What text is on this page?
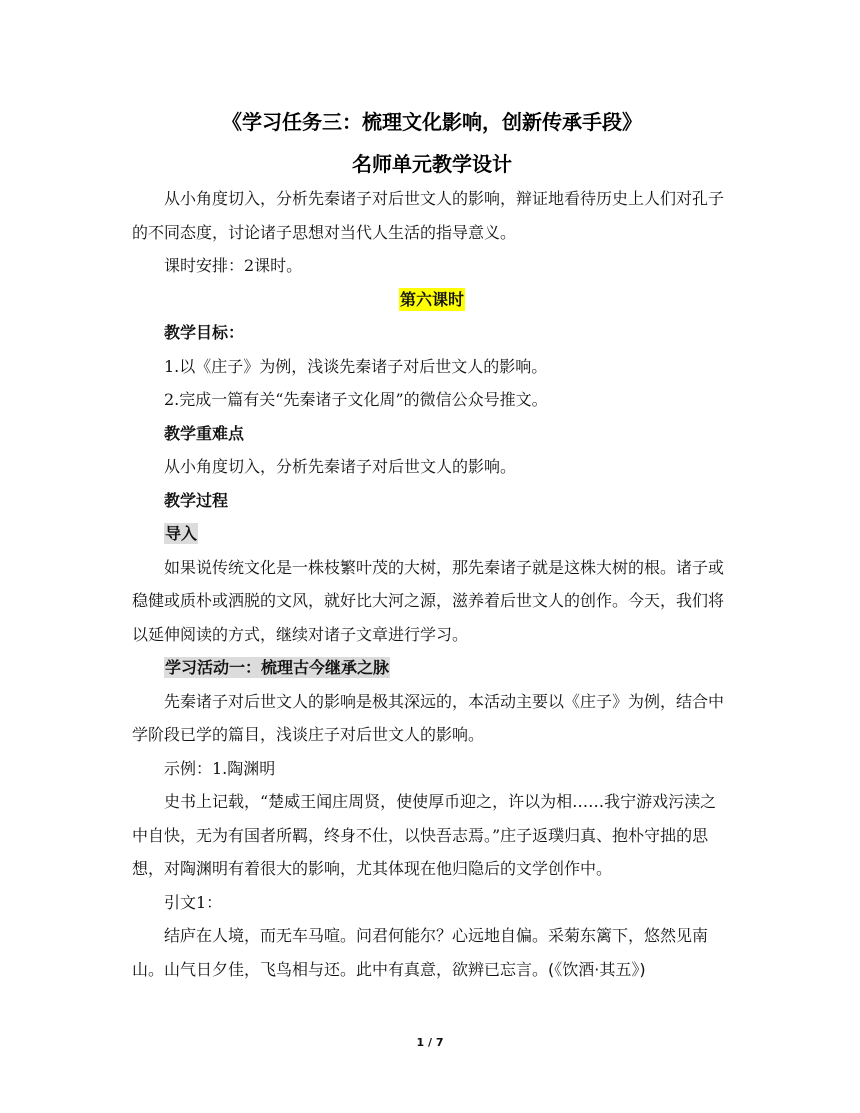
《学习任务三：梳理文化影响，创新传承手段》
名师单元教学设计

从小角度切入，分析先秦诸子对后世文人的影响，辩证地看待历史上人们对孔子的不同态度，讨论诸子思想对当代人生活的指导意义。

课时安排：2课时。

第六课时

教学目标：

1.以《庄子》为例，浅谈先秦诸子对后世文人的影响。

2.完成一篇有关“先秦诸子文化周”的微信公众号推文。

教学重难点

从小角度切入，分析先秦诸子对后世文人的影响。

教学过程

导入

如果说传统文化是一株枝繁叶茂的大树，那先秦诸子就是这株大树的根。诸子或稳健或质朴或洒脱的文风，就好比大河之源，滋养着后世文人的创作。今天，我们将以延伸阅读的方式，继续对诸子文章进行学习。

学习活动一：梳理古今继承之脉

先秦诸子对后世文人的影响是极其深远的，本活动主要以《庄子》为例，结合中学阶段已学的篇目，浅谈庄子对后世文人的影响。

示例：1.陶渊明

史书上记载，“楚威王闻庄周贤，使使厚币迎之，许以为相……我宁游戏污渎之中自快，无为有国者所羁，终身不仕，以快吾志焉。”庄子返璞归真、抱朴守拙的思想，对陶渊明有着很大的影响，尤其体现在他归隐后的文学创作中。

引文1：

结庐在人境，而无车马喧。问君何能尔？心远地自偏。采菊东篱下，悠然见南山。山气日夕佳，飞鸟相与还。此中有真意，欲辨已忘言。(《饮酒·其五》)

1 / 7
